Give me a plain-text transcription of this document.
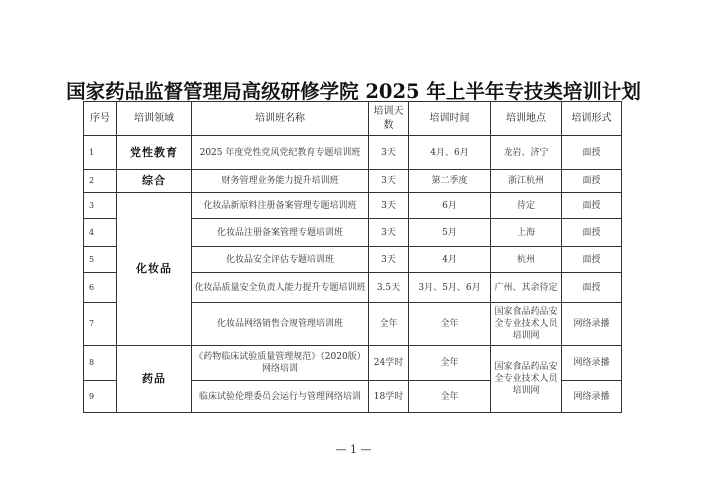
国家药品监督管理局高级研修学院 2025 年上半年专技类培训计划
序号	培训领域	培训班名称	培训天数	培训时间	培训地点	培训形式
1	党性教育	2025 年度党性党风党纪教育专题培训班	3天	4月、6月	龙岩、济宁	面授
2	综合	财务管理业务能力提升培训班	3天	第二季度	浙江杭州	面授
3	化妆品	化妆品新原料注册备案管理专题培训班	3天	6月	待定	面授
4		化妆品注册备案管理专题培训班	3天	5月	上海	面授
5		化妆品安全评估专题培训班	3天	4月	杭州	面授
6		化妆品质量安全负责人能力提升专题培训班	3.5天	3月、5月、6月	广州、其余待定	面授
7		化妆品网络销售合规管理培训班	全年	全年	国家食品药品安全专业技术人员培训网	网络录播
8	药品	《药物临床试验质量管理规范》（2020版）网络培训	24学时	全年	国家食品药品安全专业技术人员培训网	网络录播
9		临床试验伦理委员会运行与管理网络培训	18学时	全年		网络录播
— 1 —
